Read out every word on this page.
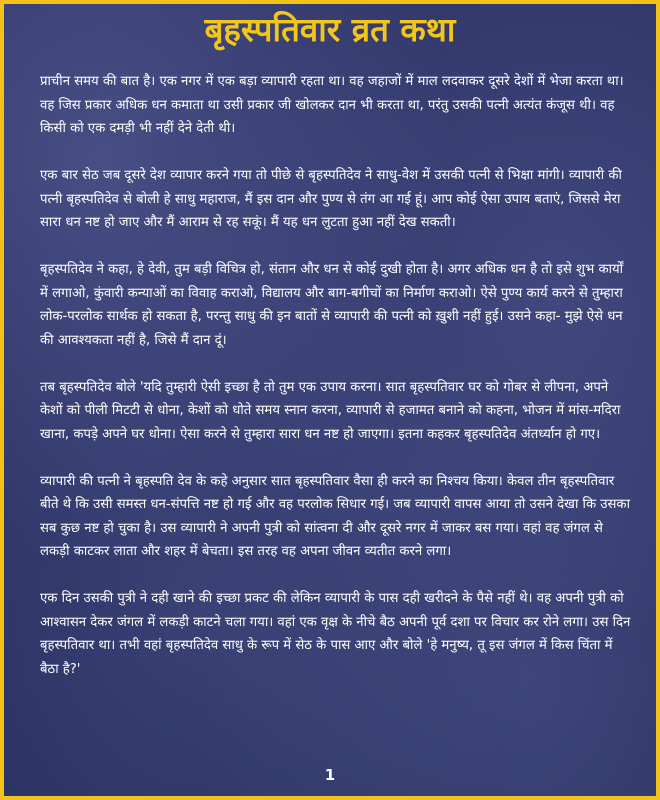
बृहस्पतिवार व्रत कथा

प्राचीन समय की बात है। एक नगर में एक बड़ा व्यापारी रहता था। वह जहाजों में माल लदवाकर दूसरे देशों में भेजा करता था। वह जिस प्रकार अधिक धन कमाता था उसी प्रकार जी खोलकर दान भी करता था, परंतु उसकी पत्नी अत्यंत कंजूस थी। वह किसी को एक दमड़ी भी नहीं देने देती थी।

एक बार सेठ जब दूसरे देश व्यापार करने गया तो पीछे से बृहस्पतिदेव ने साधु-वेश में उसकी पत्नी से भिक्षा मांगी। व्यापारी की पत्नी बृहस्पतिदेव से बोली हे साधु महाराज, मैं इस दान और पुण्य से तंग आ गई हूं। आप कोई ऐसा उपाय बताएं, जिससे मेरा सारा धन नष्ट हो जाए और मैं आराम से रह सकूं। मैं यह धन लुटता हुआ नहीं देख सकती।

बृहस्पतिदेव ने कहा, हे देवी, तुम बड़ी विचित्र हो, संतान और धन से कोई दुखी होता है। अगर अधिक धन है तो इसे शुभ कार्यों में लगाओ, कुंवारी कन्याओं का विवाह कराओ, विद्यालय और बाग-बगीचों का निर्माण कराओ। ऐसे पुण्य कार्य करने से तुम्हारा लोक-परलोक सार्थक हो सकता है, परन्तु साधु की इन बातों से व्यापारी की पत्नी को ख़ुशी नहीं हुई। उसने कहा- मुझे ऐसे धन की आवश्यकता नहीं है, जिसे मैं दान दूं।

तब बृहस्पतिदेव बोले 'यदि तुम्हारी ऐसी इच्छा है तो तुम एक उपाय करना। सात बृहस्पतिवार घर को गोबर से लीपना, अपने केशों को पीली मिटटी से धोना, केशों को धोते समय स्नान करना, व्यापारी से हजामत बनाने को कहना, भोजन में मांस-मदिरा खाना, कपड़े अपने घर धोना। ऐसा करने से तुम्हारा सारा धन नष्ट हो जाएगा। इतना कहकर बृहस्पतिदेव अंतर्ध्यान हो गए।

व्यापारी की पत्नी ने बृहस्पति देव के कहे अनुसार सात बृहस्पतिवार वैसा ही करने का निश्चय किया। केवल तीन बृहस्पतिवार बीते थे कि उसी समस्त धन-संपत्ति नष्ट हो गई और वह परलोक सिधार गई। जब व्यापारी वापस आया तो उसने देखा कि उसका सब कुछ नष्ट हो चुका है। उस व्यापारी ने अपनी पुत्री को सांत्वना दी और दूसरे नगर में जाकर बस गया। वहां वह जंगल से लकड़ी काटकर लाता और शहर में बेचता। इस तरह वह अपना जीवन व्यतीत करने लगा।

एक दिन उसकी पुत्री ने दही खाने की इच्छा प्रकट की लेकिन व्यापारी के पास दही खरीदने के पैसे नहीं थे। वह अपनी पुत्री को आश्वासन देकर जंगल में लकड़ी काटने चला गया। वहां एक वृक्ष के नीचे बैठ अपनी पूर्व दशा पर विचार कर रोने लगा। उस दिन बृहस्पतिवार था। तभी वहां बृहस्पतिदेव साधु के रूप में सेठ के पास आए और बोले 'हे मनुष्य, तू इस जंगल में किस चिंता में बैठा है?'

1
